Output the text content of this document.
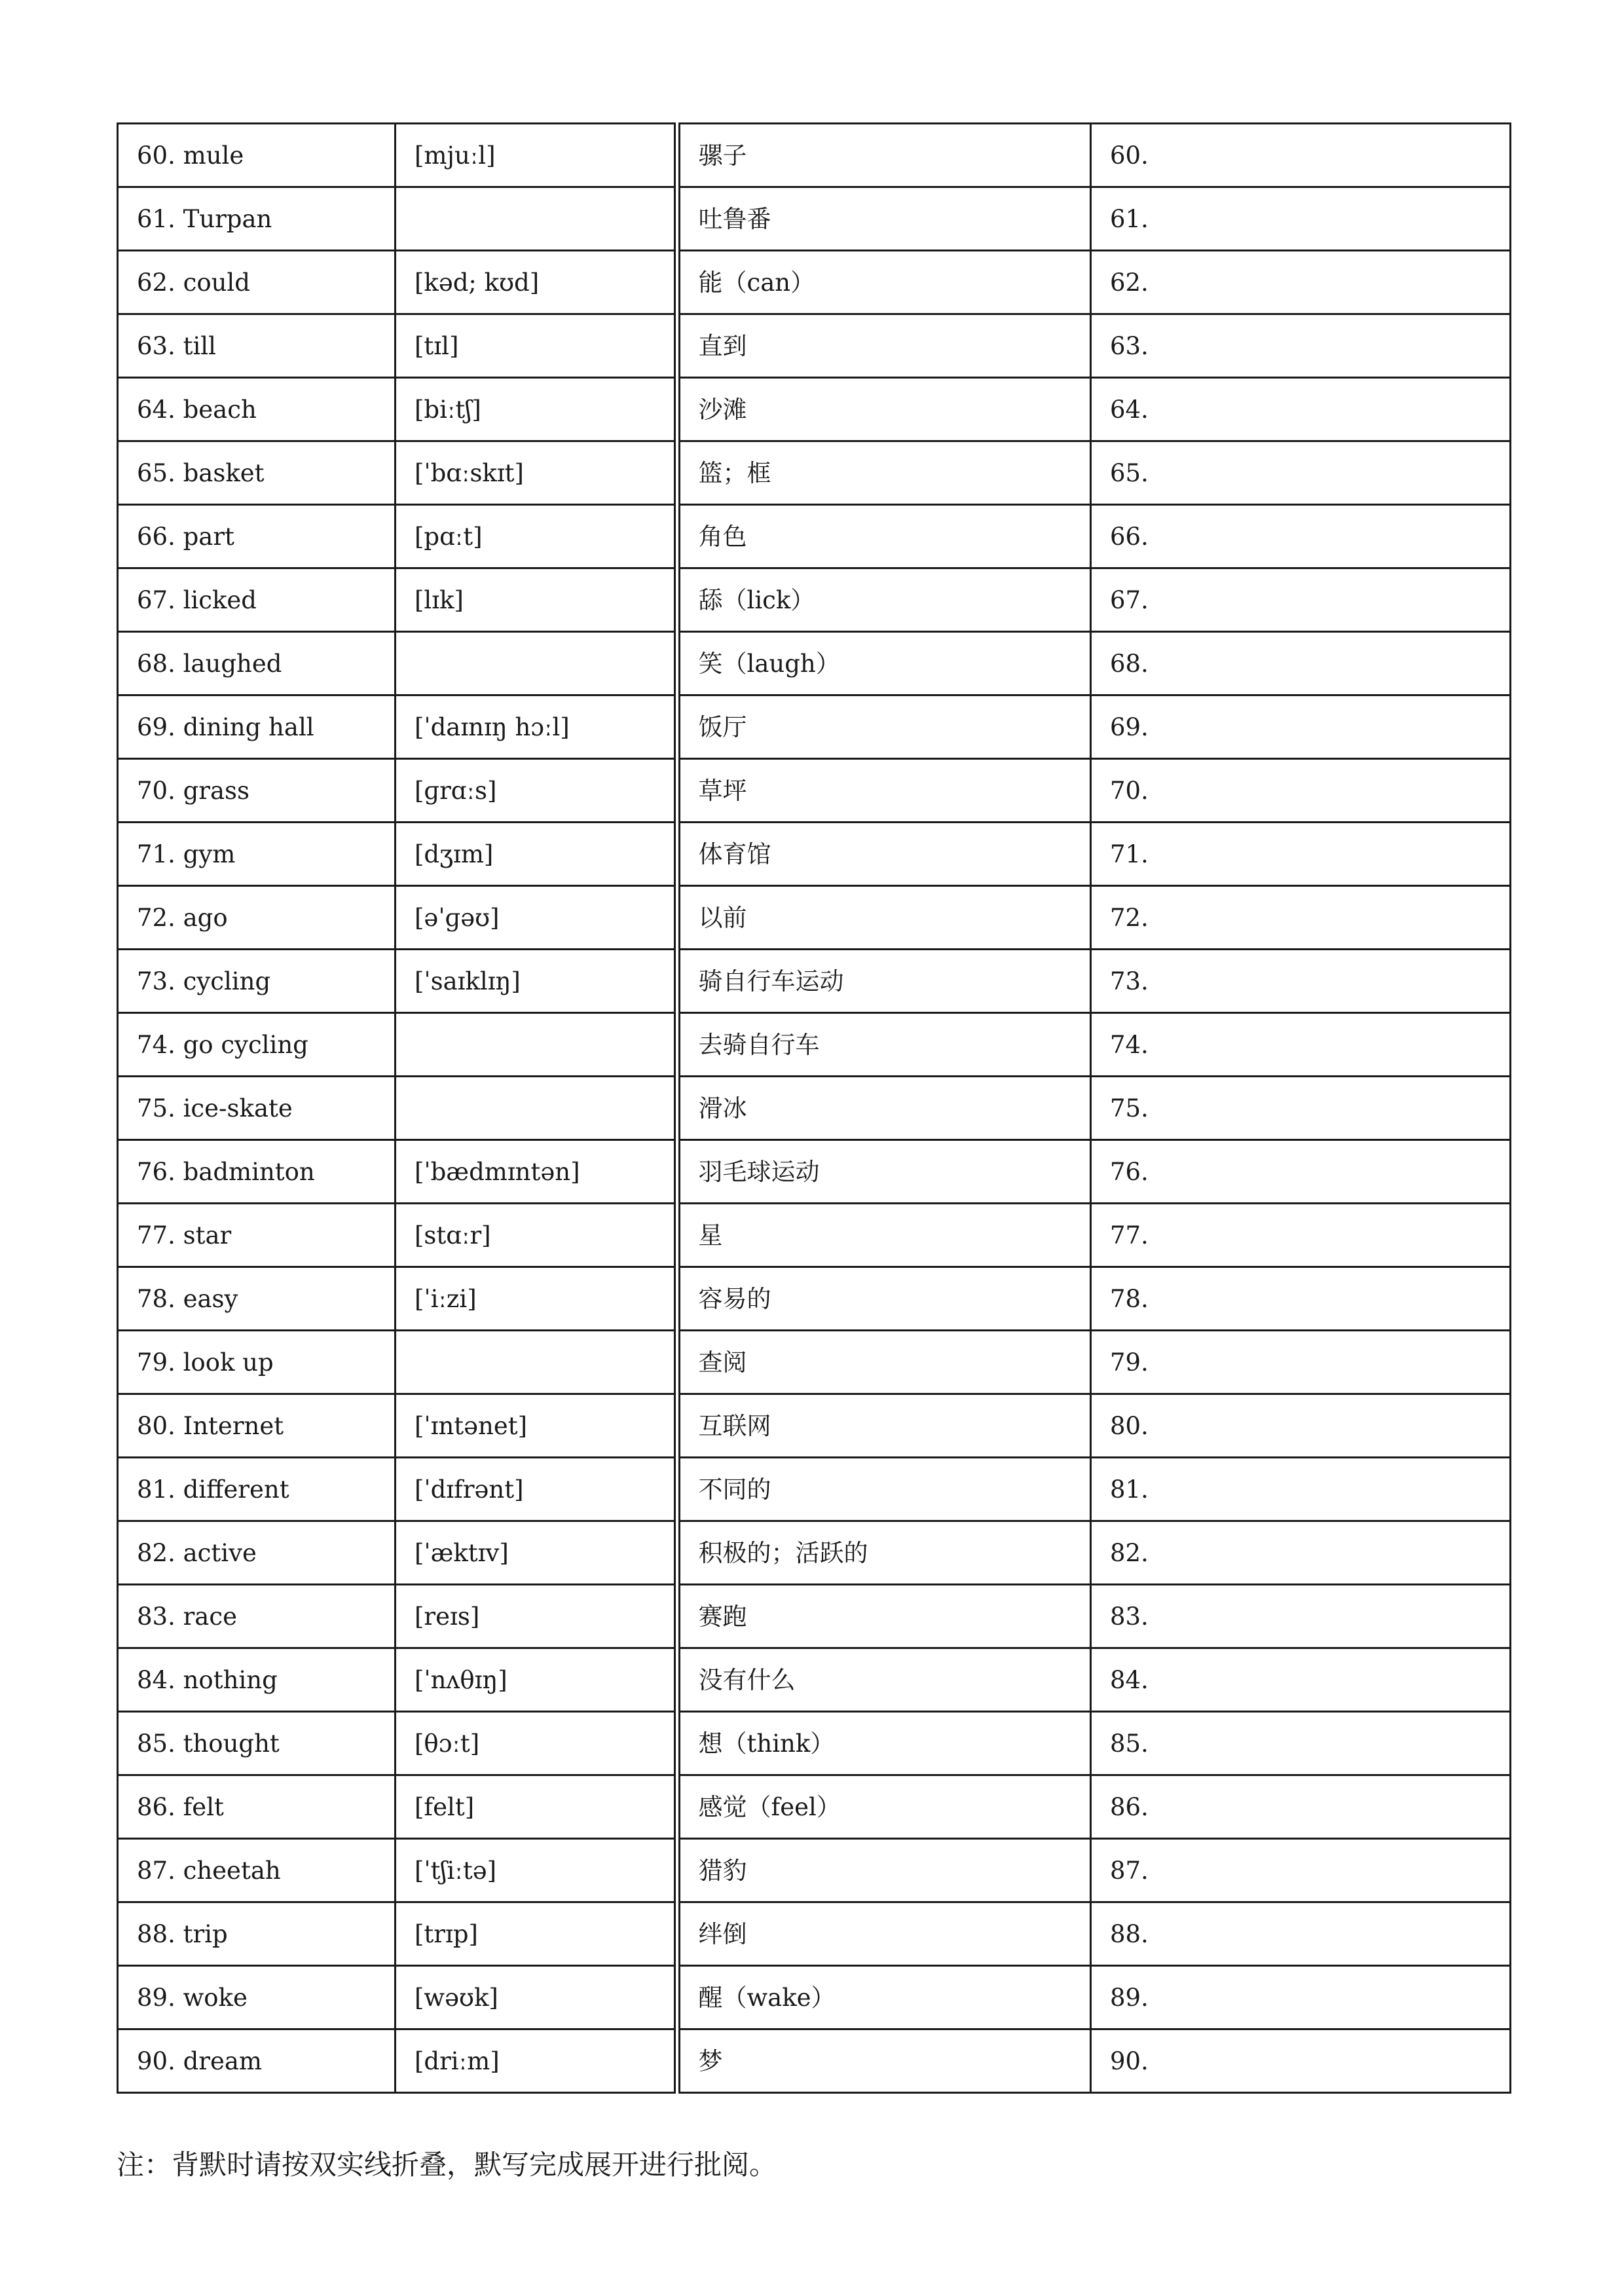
60. mule	[mjuːl]	骡子	60.
61. Turpan		吐鲁番	61.
62. could	[kəd; kʊd]	能（can）	62.
63. till	[tɪl]	直到	63.
64. beach	[biːtʃ]	沙滩	64.
65. basket	[ˈbɑːskɪt]	篮；框	65.
66. part	[pɑːt]	角色	66.
67. licked	[lɪk]	舔（lick）	67.
68. laughed		笑（laugh）	68.
69. dining hall	[ˈdaɪnɪŋ hɔːl]	饭厅	69.
70. grass	[ɡrɑːs]	草坪	70.
71. gym	[dʒɪm]	体育馆	71.
72. ago	[əˈɡəʊ]	以前	72.
73. cycling	[ˈsaɪklɪŋ]	骑自行车运动	73.
74. go cycling		去骑自行车	74.
75. ice-skate		滑冰	75.
76. badminton	[ˈbædmɪntən]	羽毛球运动	76.
77. star	[stɑːr]	星	77.
78. easy	[ˈiːzi]	容易的	78.
79. look up		查阅	79.
80. Internet	[ˈɪntənet]	互联网	80.
81. different	[ˈdɪfrənt]	不同的	81.
82. active	[ˈæktɪv]	积极的；活跃的	82.
83. race	[reɪs]	赛跑	83.
84. nothing	[ˈnʌθɪŋ]	没有什么	84.
85. thought	[θɔːt]	想（think）	85.
86. felt	[felt]	感觉（feel）	86.
87. cheetah	[ˈtʃiːtə]	猎豹	87.
88. trip	[trɪp]	绊倒	88.
89. woke	[wəʊk]	醒（wake）	89.
90. dream	[driːm]	梦	90.
注：背默时请按双实线折叠，默写完成展开进行批阅。
